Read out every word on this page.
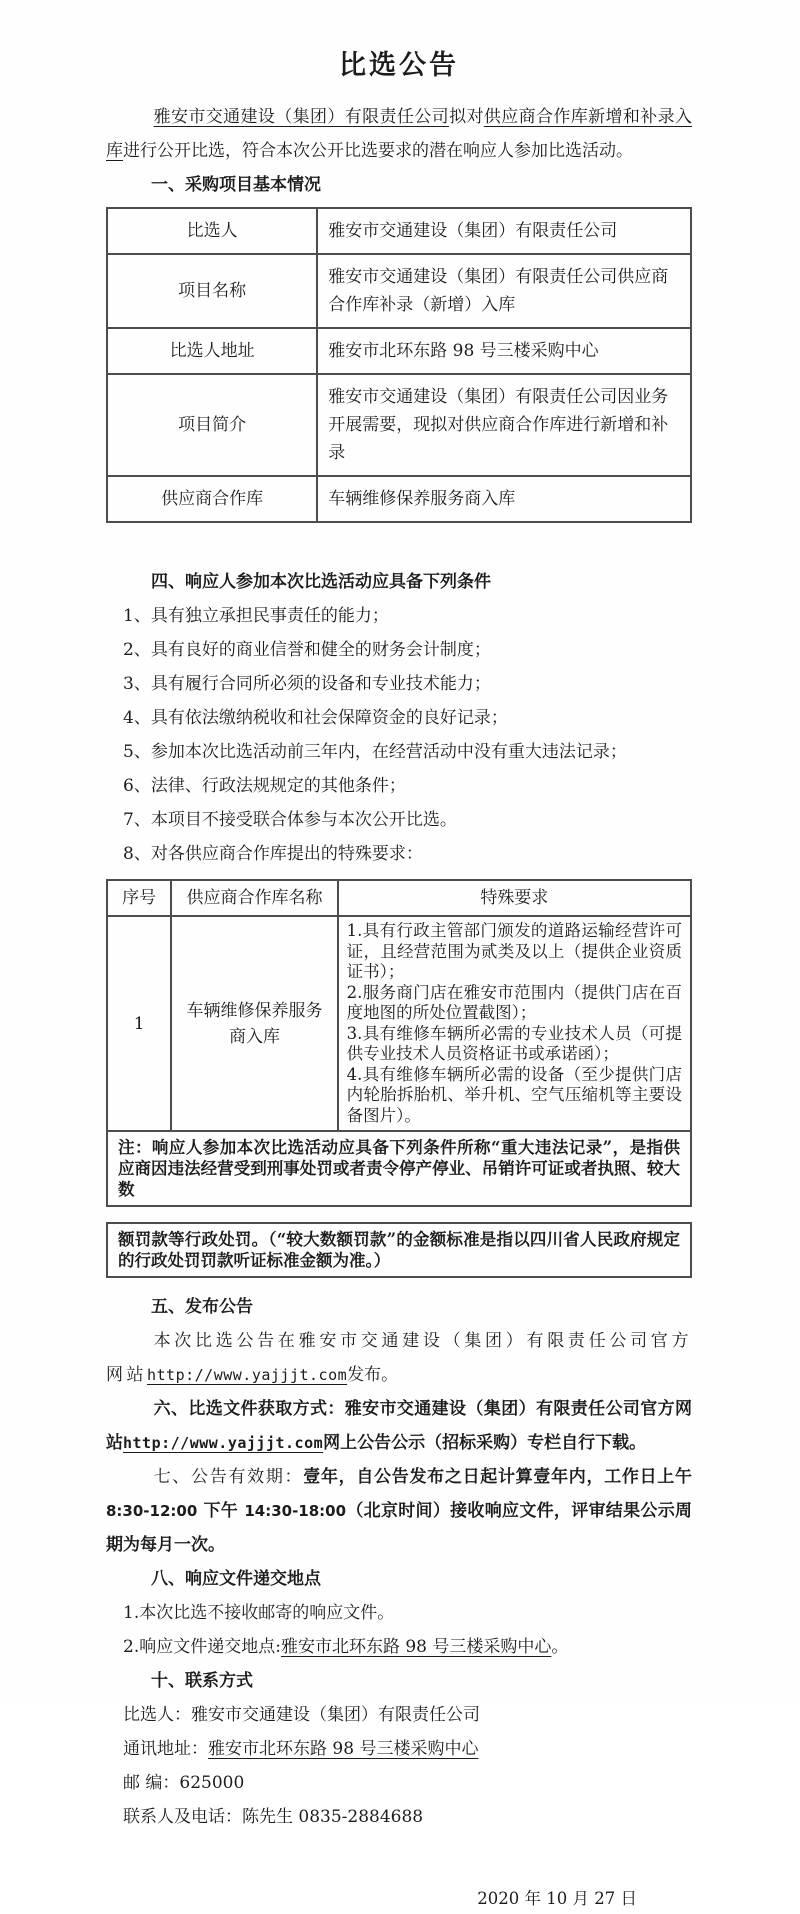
比选公告

雅安市交通建设（集团）有限责任公司拟对供应商合作库新增和补录入库进行公开比选，符合本次公开比选要求的潜在响应人参加比选活动。

一、采购项目基本情况

比选人	雅安市交通建设（集团）有限责任公司
项目名称	雅安市交通建设（集团）有限责任公司供应商合作库补录（新增）入库
比选人地址	雅安市北环东路 98 号三楼采购中心
项目简介	雅安市交通建设（集团）有限责任公司因业务开展需要，现拟对供应商合作库进行新增和补录
供应商合作库	车辆维修保养服务商入库

四、响应人参加本次比选活动应具备下列条件

1、具有独立承担民事责任的能力；

2、具有良好的商业信誉和健全的财务会计制度；

3、具有履行合同所必须的设备和专业技术能力；

4、具有依法缴纳税收和社会保障资金的良好记录；

5、参加本次比选活动前三年内，在经营活动中没有重大违法记录；

6、法律、行政法规规定的其他条件；

7、本项目不接受联合体参与本次公开比选。

8、对各供应商合作库提出的特殊要求：

序号	供应商合作库名称	特殊要求
1	车辆维修保养服务商入库	1.具有行政主管部门颁发的道路运输经营许可证，且经营范围为贰类及以上（提供企业资质证书）；
2.服务商门店在雅安市范围内（提供门店在百度地图的所处位置截图）；
3.具有维修车辆所必需的专业技术人员（可提供专业技术人员资格证书或承诺函）；
4.具有维修车辆所必需的设备（至少提供门店内轮胎拆胎机、举升机、空气压缩机等主要设备图片）。

注：响应人参加本次比选活动应具备下列条件所称“重大违法记录”，是指供应商因违法经营受到刑事处罚或者责令停产停业、吊销许可证或者执照、较大数		
额罚款等行政处罚。（“较大数额罚款”的金额标准是指以四川省人民政府规定的行政处罚罚款听证标准金额为准。）

五、发布公告

本次比选公告在雅安市交通建设（集团）有限责任公司官方网站http://www.yajjjt.com发布。

六、比选文件获取方式：雅安市交通建设（集团）有限责任公司官方网站http://www.yajjjt.com网上公告公示（招标采购）专栏自行下载。

七、公告有效期：壹年，自公告发布之日起计算壹年内，工作日上午8:30-12:00 下午 14:30-18:00（北京时间）接收响应文件，评审结果公示周期为每月一次。

八、响应文件递交地点

1.本次比选不接收邮寄的响应文件。

2.响应文件递交地点:雅安市北环东路 98 号三楼采购中心。

十、联系方式

比选人：雅安市交通建设（集团）有限责任公司

通讯地址：雅安市北环东路 98 号三楼采购中心

邮 编：625000

联系人及电话：陈先生 0835-2884688

2020 年 10 月 27 日
